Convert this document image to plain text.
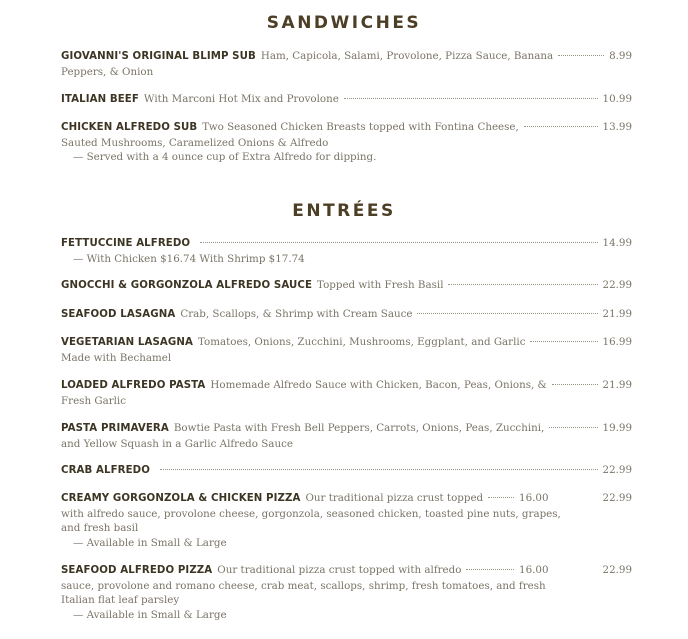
SANDWICHES
GIOVANNI'S ORIGINAL BLIMP SUB Ham, Capicola, Salami, Provolone, Pizza Sauce, Banana	8.99
Peppers, & Onion
ITALIAN BEEF With Marconi Hot Mix and Provolone	10.99
CHICKEN ALFREDO SUB Two Seasoned Chicken Breasts topped with Fontina Cheese,	13.99
Sauted Mushrooms, Caramelized Onions & Alfredo
— Served with a 4 ounce cup of Extra Alfredo for dipping.
ENTRÉES
FETTUCCINE ALFREDO	14.99
— With Chicken $16.74 With Shrimp $17.74
GNOCCHI & GORGONZOLA ALFREDO SAUCE Topped with Fresh Basil	22.99
SEAFOOD LASAGNA Crab, Scallops, & Shrimp with Cream Sauce	21.99
VEGETARIAN LASAGNA Tomatoes, Onions, Zucchini, Mushrooms, Eggplant, and Garlic	16.99
Made with Bechamel
LOADED ALFREDO PASTA Homemade Alfredo Sauce with Chicken, Bacon, Peas, Onions, &	21.99
Fresh Garlic
PASTA PRIMAVERA Bowtie Pasta with Fresh Bell Peppers, Carrots, Onions, Peas, Zucchini,	19.99
and Yellow Squash in a Garlic Alfredo Sauce
CRAB ALFREDO	22.99
CREAMY GORGONZOLA & CHICKEN PIZZA Our traditional pizza crust topped	16.00	22.99
with alfredo sauce, provolone cheese, gorgonzola, seasoned chicken, toasted pine nuts, grapes,
and fresh basil
— Available in Small & Large
SEAFOOD ALFREDO PIZZA Our traditional pizza crust topped with alfredo	16.00	22.99
sauce, provolone and romano cheese, crab meat, scallops, shrimp, fresh tomatoes, and fresh
Italian flat leaf parsley
— Available in Small & Large
